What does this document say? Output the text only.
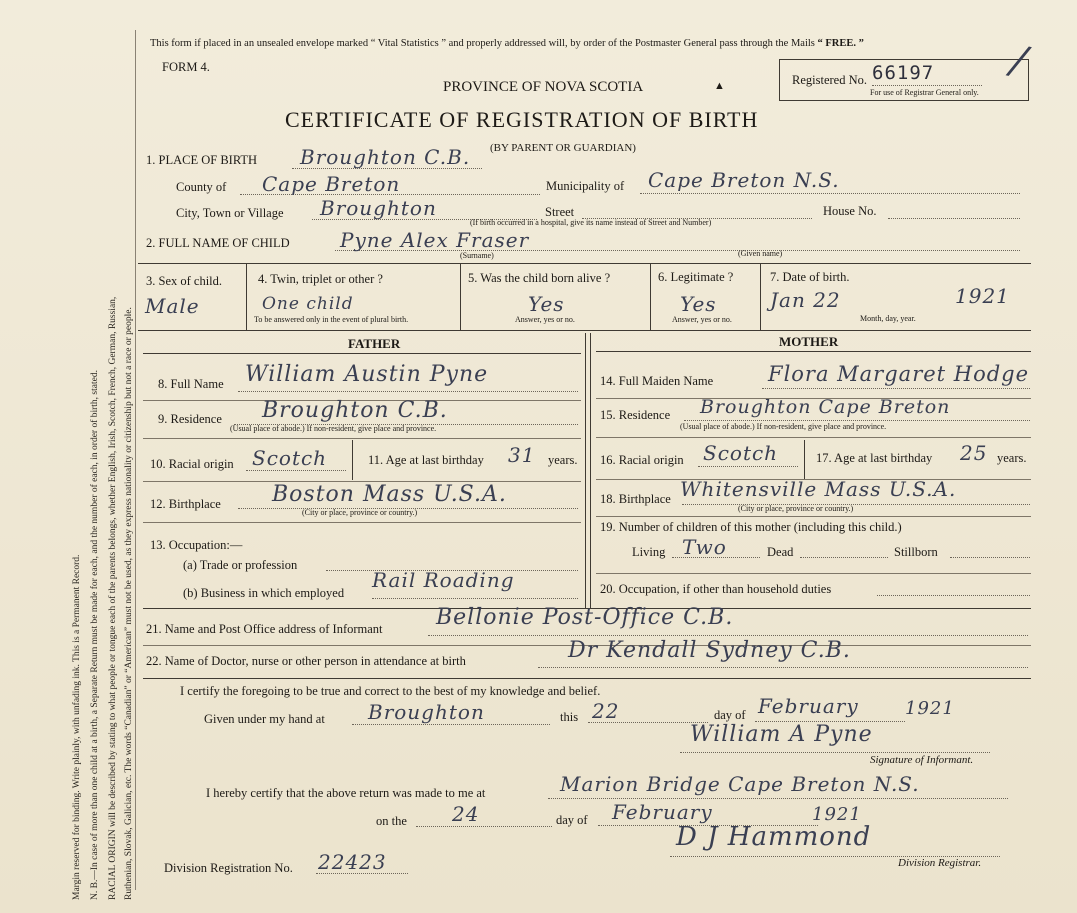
Margin reserved for binding. Write plainly, with unfading ink. This is a Permanent Record. N. B.—In case of more than one child at a birth, a Separate Return must be made for each, and the number of each, in order of birth, stated. RACIAL ORIGIN will be described by stating to what people or tongue each of the parents belongs, whether English, Irish, Scotch, French, German, Russian, Ruthenian, Slovak, Galician, etc. The words “Canadian” or “American” must not be used, as they express nationality or citizenship but not a race or people.
This form if placed in an unsealed envelope marked “ Vital Statistics ” and properly addressed will, by order of the Postmaster General pass through the Mails “ FREE. ”
FORM 4.
PROVINCE OF NOVA SCOTIA	▲
CERTIFICATE OF REGISTRATION OF BIRTH
Registered No. 66197
For use of Registrar General only.
/
1. PLACE OF BIRTH Broughton C.B. (BY PARENT OR GUARDIAN)
County of Cape Breton	Municipality of Cape Breton N.S.
City, Town or Village Broughton	Street	House No.
(If birth occurred in a hospital, give its name instead of Street and Number)
2. FULL NAME OF CHILD	Pyne Alex Fraser
(Surname)	(Given name)
3. Sex of child.
Male
4. Twin, triplet or other ?
One child
To be answered only in the event of plural birth.
5. Was the child born alive ?
Yes
Answer, yes or no.
6. Legitimate ?
Yes
Answer, yes or no.
7. Date of birth.
Jan 22	1921
Month, day, year.
FATHER	MOTHER
8. Full Name William Austin Pyne
9. Residence Broughton C.B.
(Usual place of abode.) If non-resident, give place and province.
10. Racial origin Scotch	11. Age at last birthday 31 years.
12. Birthplace Boston Mass U.S.A.
(City or place, province or country.)
13. Occupation:—
(a) Trade or profession
(b) Business in which employed
Rail Roading
14. Full Maiden Name	Flora Margaret Hodge
15. Residence Broughton Cape Breton
(Usual place of abode.) If non-resident, give place and province.
16. Racial origin Scotch	17. Age at last birthday 25 years.
18. Birthplace Whitensville Mass U.S.A.
(City or place, province or country.)
19. Number of children of this mother (including this child.)
Living Two	Dead	Stillborn
20. Occupation, if other than household duties
21. Name and Post Office address of Informant Bellonie Post-Office C.B.
22. Name of Doctor, nurse or other person in attendance at birth	Dr Kendall Sydney C.B.
I certify the foregoing to be true and correct to the best of my knowledge and belief.
Given under my hand at Broughton	this 22	day of February	1921
William A Pyne
Signature of Informant.
I hereby certify that the above return was made to me at	Marion Bridge Cape Breton N.S.
on the 24	day of February	1921
D J Hammond
Division Registrar.
Division Registration No. 22423
